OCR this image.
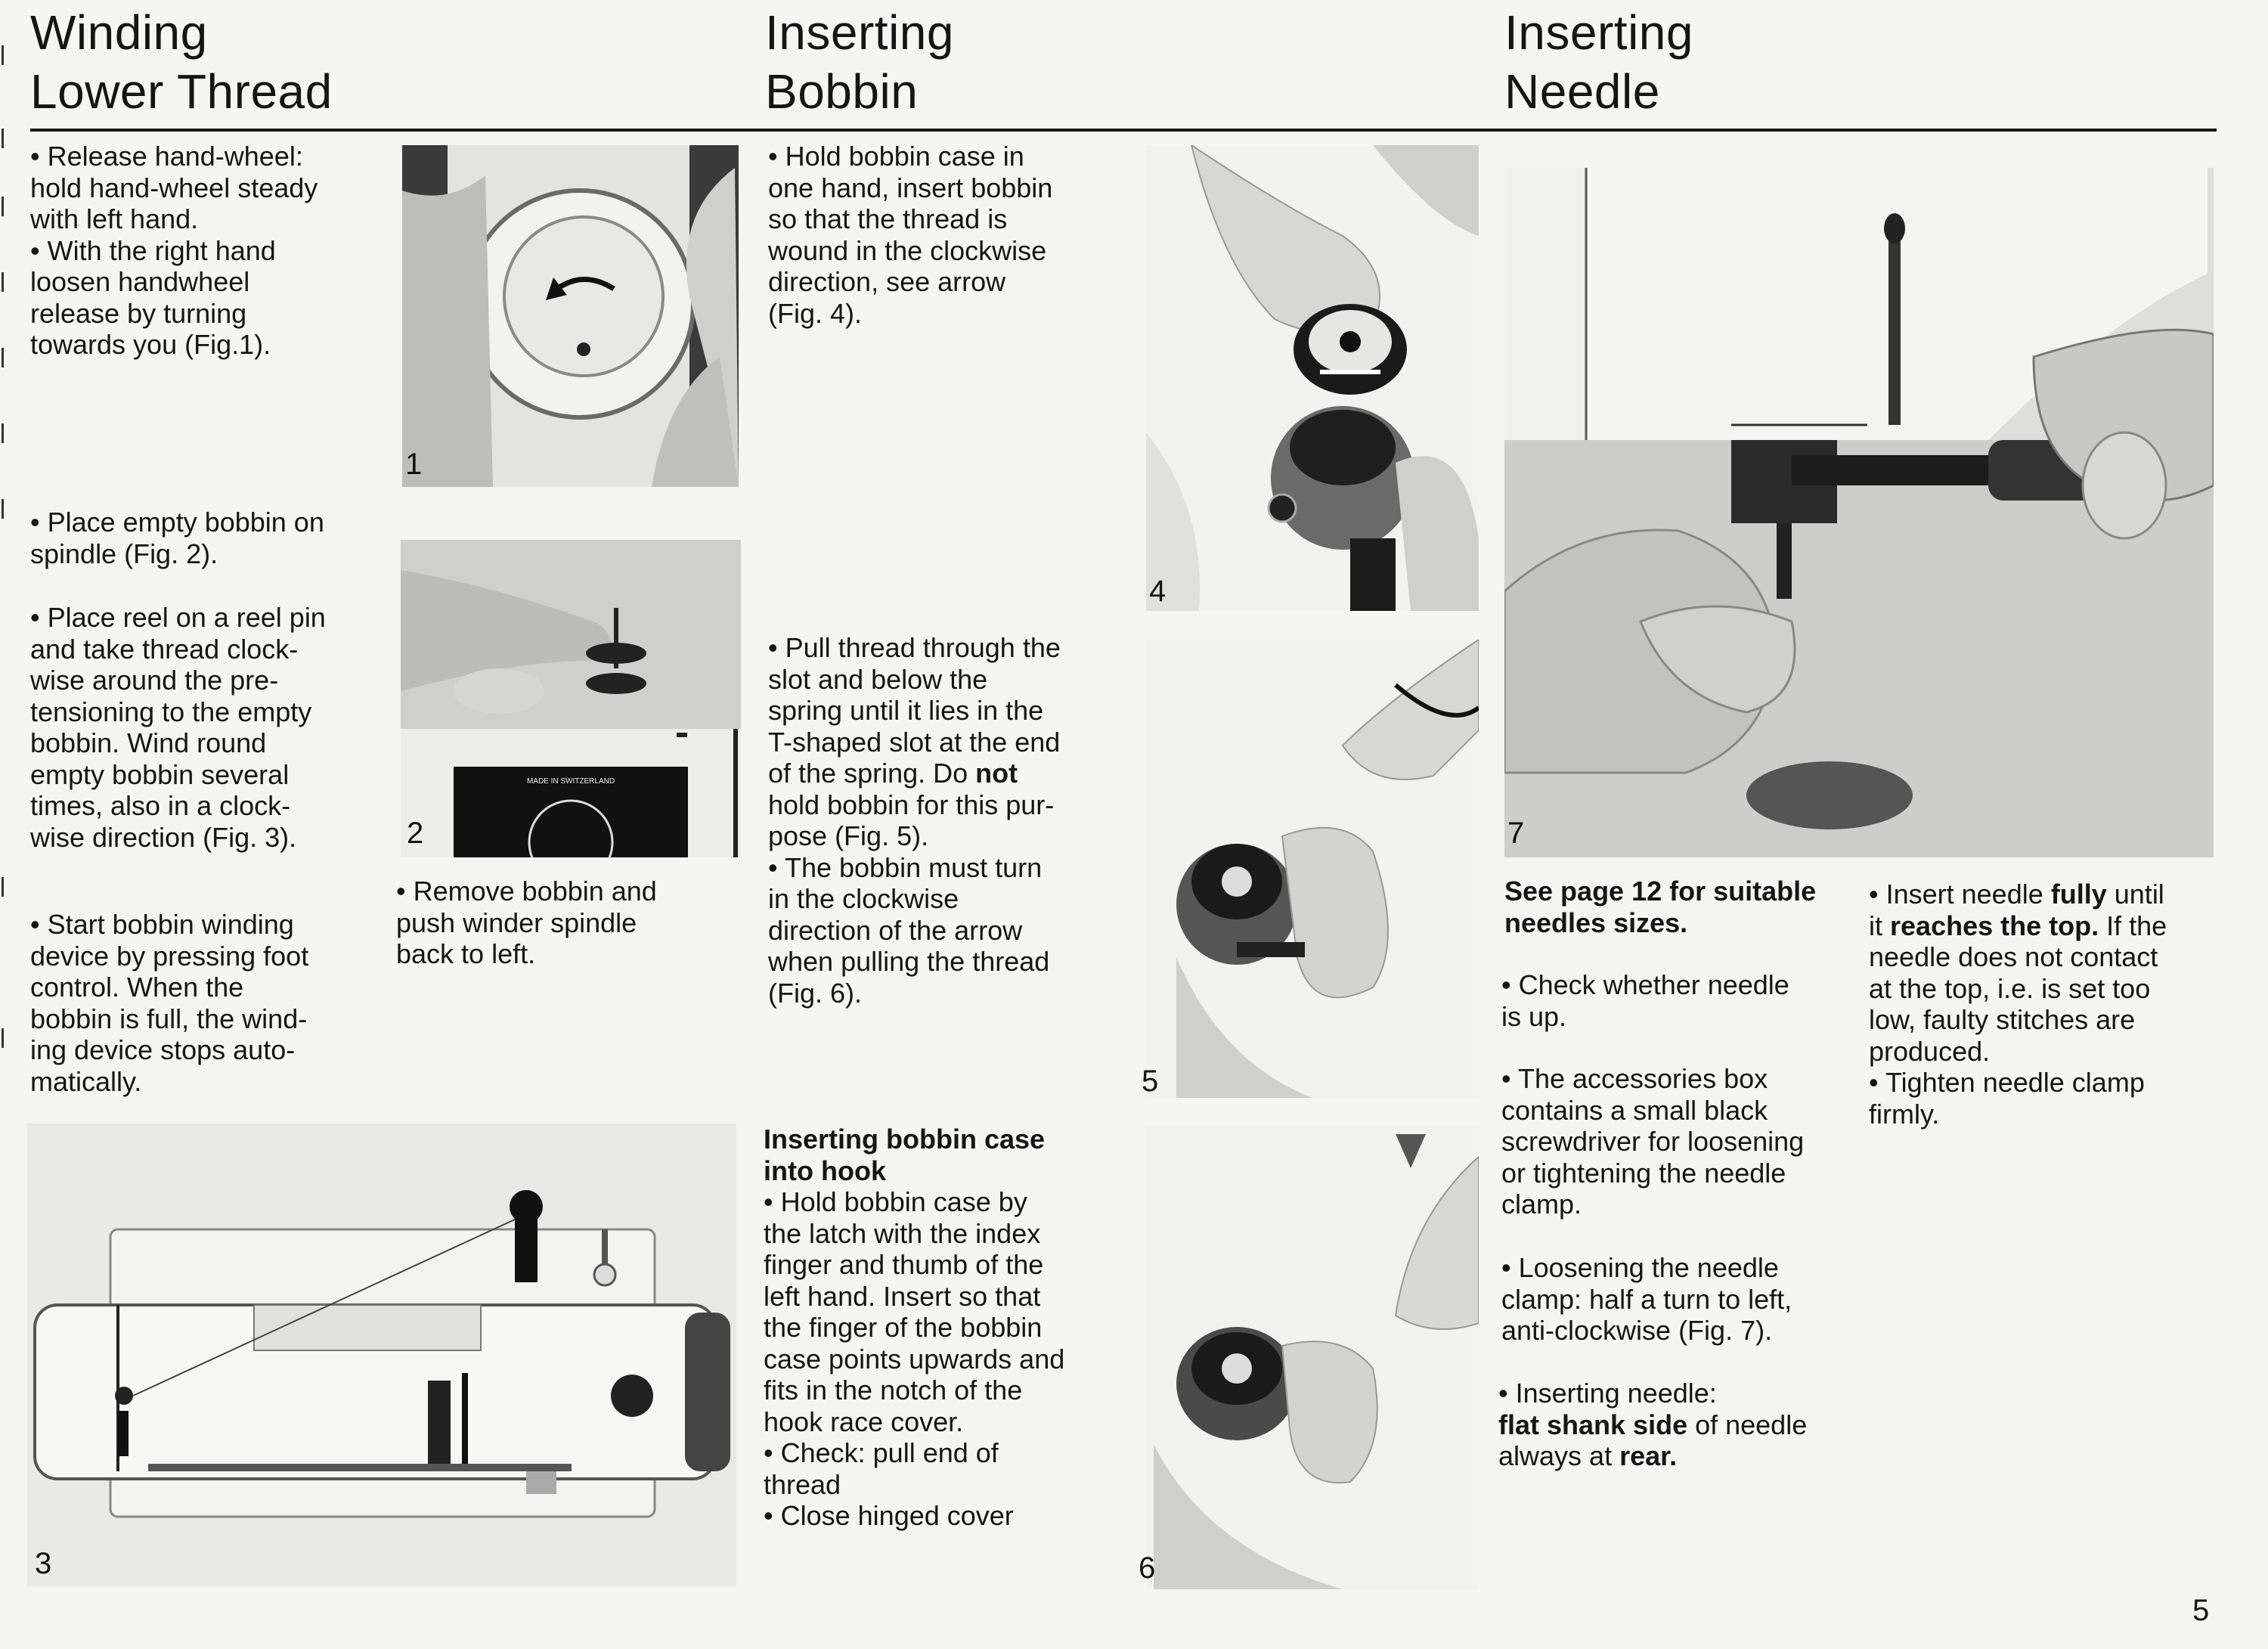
Winding
Lower Thread
Inserting
Bobbin
Inserting
Needle

• Release hand-wheel:

hold hand-wheel steady

with left hand.

• With the right hand

loosen handwheel

release by turning

towards you (Fig.1).

• Place empty bobbin on

spindle (Fig. 2).

• Place reel on a reel pin

and take thread clock-

wise around the pre-

tensioning to the empty

bobbin. Wind round

empty bobbin several

times, also in a clock-

wise direction (Fig. 3).

• Start bobbin winding

device by pressing foot

control. When the

bobbin is full, the wind-

ing device stops auto-

matically.

• Remove bobbin and

push winder spindle

back to left.

1
MADE IN SWITZERLAND
2
3

• Hold bobbin case in

one hand, insert bobbin

so that the thread is

wound in the clockwise

direction, see arrow

(Fig. 4).

• Pull thread through the

slot and below the

spring until it lies in the

T-shaped slot at the end

of the spring. Do not

hold bobbin for this pur-

pose (Fig. 5).

• The bobbin must turn

in the clockwise

direction of the arrow

when pulling the thread

(Fig. 6).

Inserting bobbin case

into hook

• Hold bobbin case by

the latch with the index

finger and thumb of the

left hand. Insert so that

the finger of the bobbin

case points upwards and

fits in the notch of the

hook race cover.

• Check: pull end of

thread

• Close hinged cover

4
5
6
7

See page 12 for suitable

needles sizes.

• Check whether needle

is up.

• The accessories box

contains a small black

screwdriver for loosening

or tightening the needle

clamp.

• Loosening the needle

clamp: half a turn to left,

anti-clockwise (Fig. 7).

• Inserting needle:

flat shank side of needle

always at rear.

• Insert needle fully until

it reaches the top. If the

needle does not contact

at the top, i.e. is set too

low, faulty stitches are

produced.

• Tighten needle clamp

firmly.

5
